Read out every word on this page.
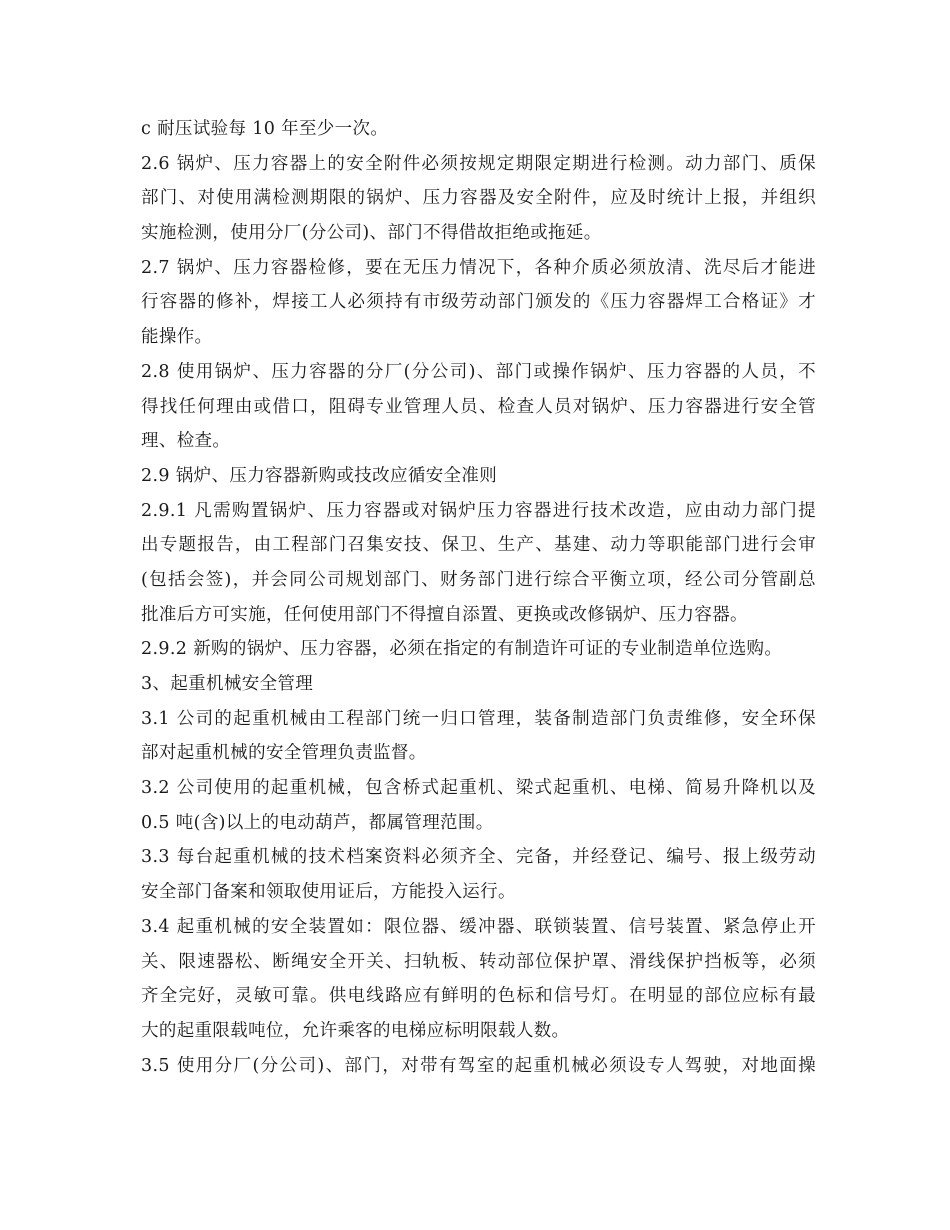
c 耐压试验每 10 年至少一次。
2.6 锅炉、压力容器上的安全附件必须按规定期限定期进行检测。动力部门、质保
部门、对使用满检测期限的锅炉、压力容器及安全附件，应及时统计上报，并组织
实施检测，使用分厂(分公司)、部门不得借故拒绝或拖延。
2.7 锅炉、压力容器检修，要在无压力情况下，各种介质必须放清、洗尽后才能进
行容器的修补，焊接工人必须持有市级劳动部门颁发的《压力容器焊工合格证》才
能操作。
2.8 使用锅炉、压力容器的分厂(分公司)、部门或操作锅炉、压力容器的人员，不
得找任何理由或借口，阻碍专业管理人员、检查人员对锅炉、压力容器进行安全管
理、检查。
2.9 锅炉、压力容器新购或技改应循安全准则
2.9.1 凡需购置锅炉、压力容器或对锅炉压力容器进行技术改造，应由动力部门提
出专题报告，由工程部门召集安技、保卫、生产、基建、动力等职能部门进行会审
(包括会签)，并会同公司规划部门、财务部门进行综合平衡立项，经公司分管副总
批准后方可实施，任何使用部门不得擅自添置、更换或改修锅炉、压力容器。
2.9.2 新购的锅炉、压力容器，必须在指定的有制造许可证的专业制造单位选购。
3、起重机械安全管理
3.1 公司的起重机械由工程部门统一归口管理，装备制造部门负责维修，安全环保
部对起重机械的安全管理负责监督。
3.2 公司使用的起重机械，包含桥式起重机、梁式起重机、电梯、简易升降机以及
0.5 吨(含)以上的电动葫芦，都属管理范围。
3.3 每台起重机械的技术档案资料必须齐全、完备，并经登记、编号、报上级劳动
安全部门备案和领取使用证后，方能投入运行。
3.4 起重机械的安全装置如：限位器、缓冲器、联锁装置、信号装置、紧急停止开
关、限速器松、断绳安全开关、扫轨板、转动部位保护罩、滑线保护挡板等，必须
齐全完好，灵敏可靠。供电线路应有鲜明的色标和信号灯。在明显的部位应标有最
大的起重限载吨位，允许乘客的电梯应标明限载人数。
3.5 使用分厂(分公司)、部门，对带有驾室的起重机械必须设专人驾驶，对地面操
